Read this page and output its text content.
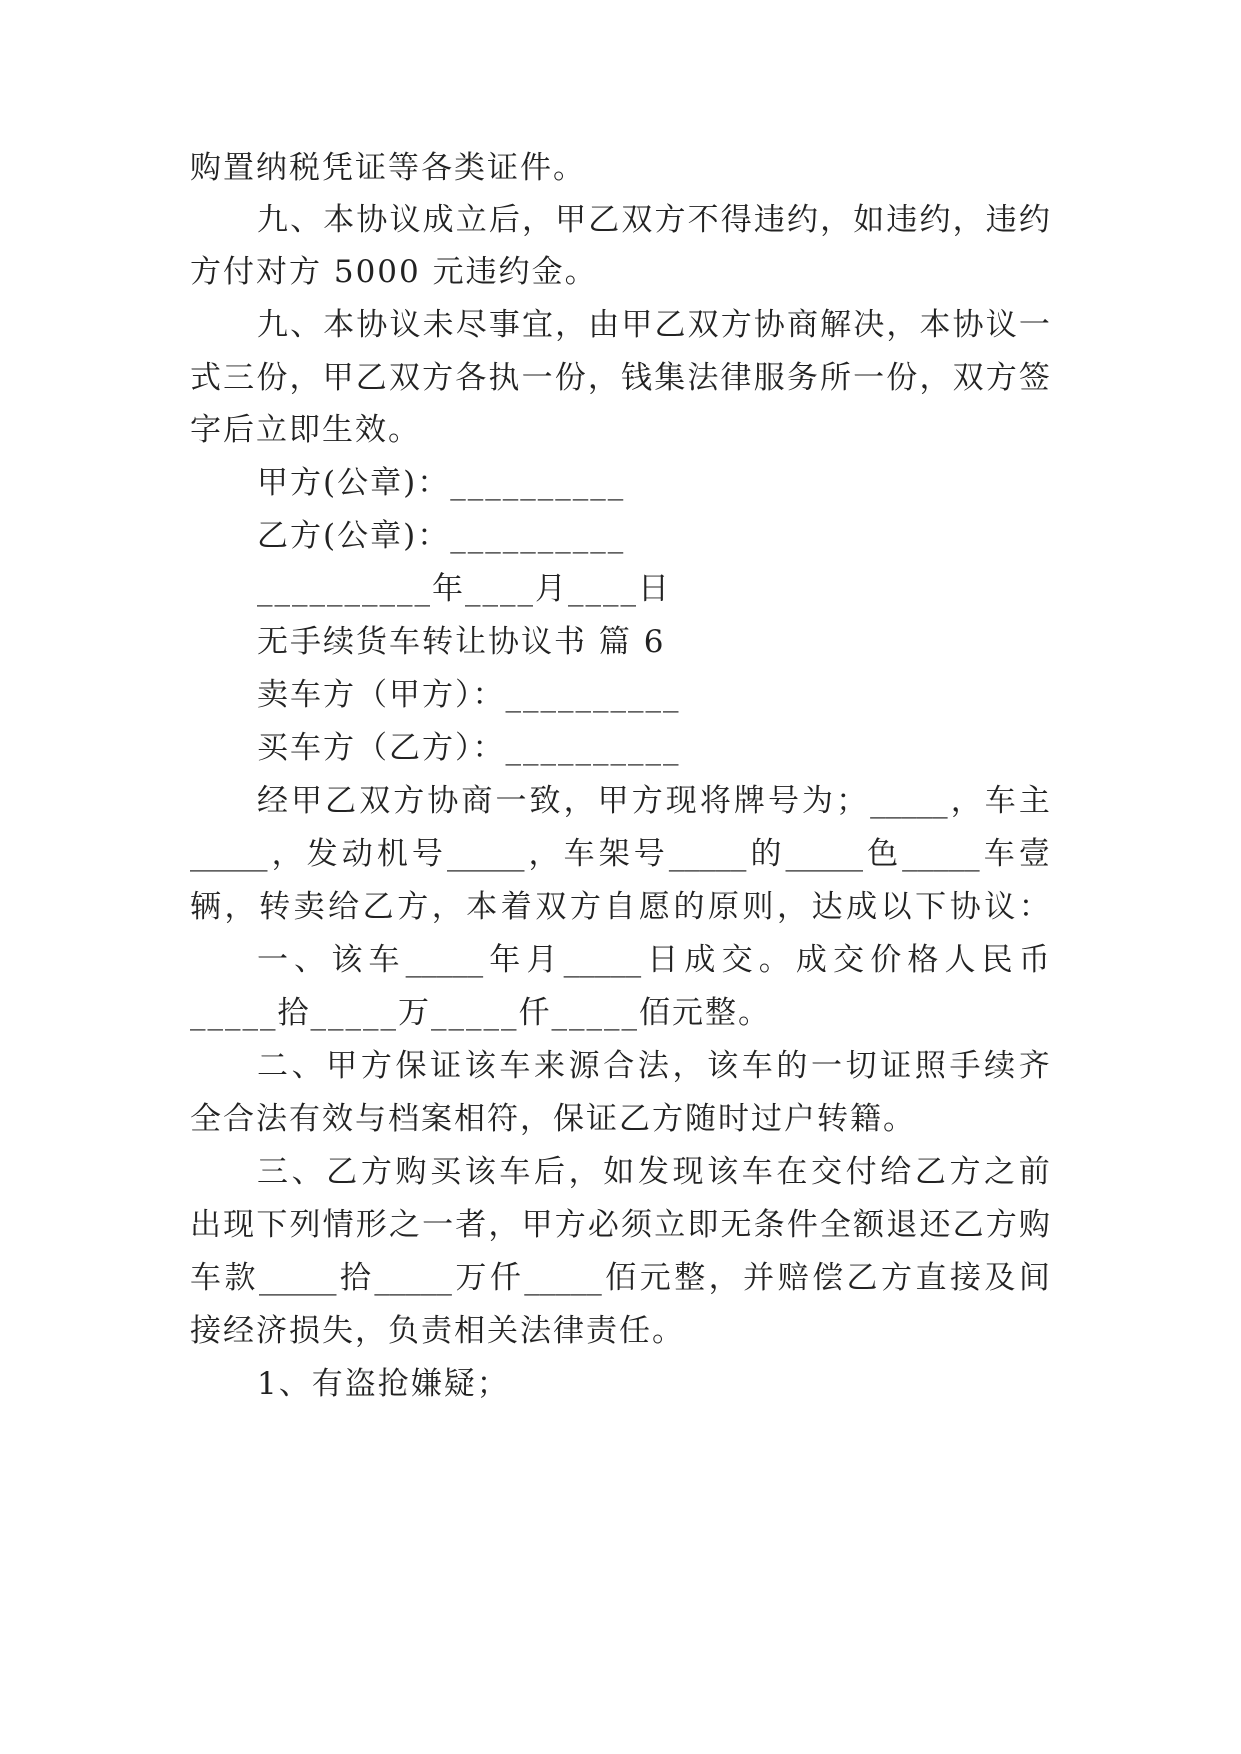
购置纳税凭证等各类证件。
九 、 本 协 议 成 立 后 ， 甲 乙 双 方 不 得 违 约 ， 如 违 约 ， 违 约
方付对方 5000 元违约金。
九 、 本 协 议 未 尽 事 宜 ， 由 甲 乙 双 方 协 商 解 决 ， 本 协 议 一
式 三 份 ， 甲 乙 双 方 各 执 一 份 ， 钱 集 法 律 服 务 所 一 份 ， 双 方 签
字后立即生效。
甲方(公章)：__________
乙方(公章)：__________
__________年____月____日
无手续货车转让协议书 篇 6
卖车方（甲方）：__________
买车方（乙方）：__________
经 甲 乙 双 方 协 商 一 致 ， 甲 方 现 将 牌 号 为 ； _____ ， 车 主
_____ ， 发 动 机 号 _____ ， 车 架 号 _____ 的 _____ 色 _____ 车 壹
辆 ， 转 卖 给 乙 方 ， 本 着 双 方 自 愿 的 原 则 ， 达 成 以 下 协 议 ：
一 、 该 车 _____ 年 月 _____ 日 成 交 。 成 交 价 格 人 民 币
_____拾_____万_____仟_____佰元整。
二 、 甲 方 保 证 该 车 来 源 合 法 ， 该 车 的 一 切 证 照 手 续 齐
全合法有效与档案相符，保证乙方随时过户转籍。
三 、 乙 方 购 买 该 车 后 ， 如 发 现 该 车 在 交 付 给 乙 方 之 前
出 现 下 列 情 形 之 一 者 ， 甲 方 必 须 立 即 无 条 件 全 额 退 还 乙 方 购
车 款 _____ 拾 _____ 万 仟 _____ 佰 元 整 ， 并 赔 偿 乙 方 直 接 及 间
接经济损失，负责相关法律责任。
1、有盗抢嫌疑；
